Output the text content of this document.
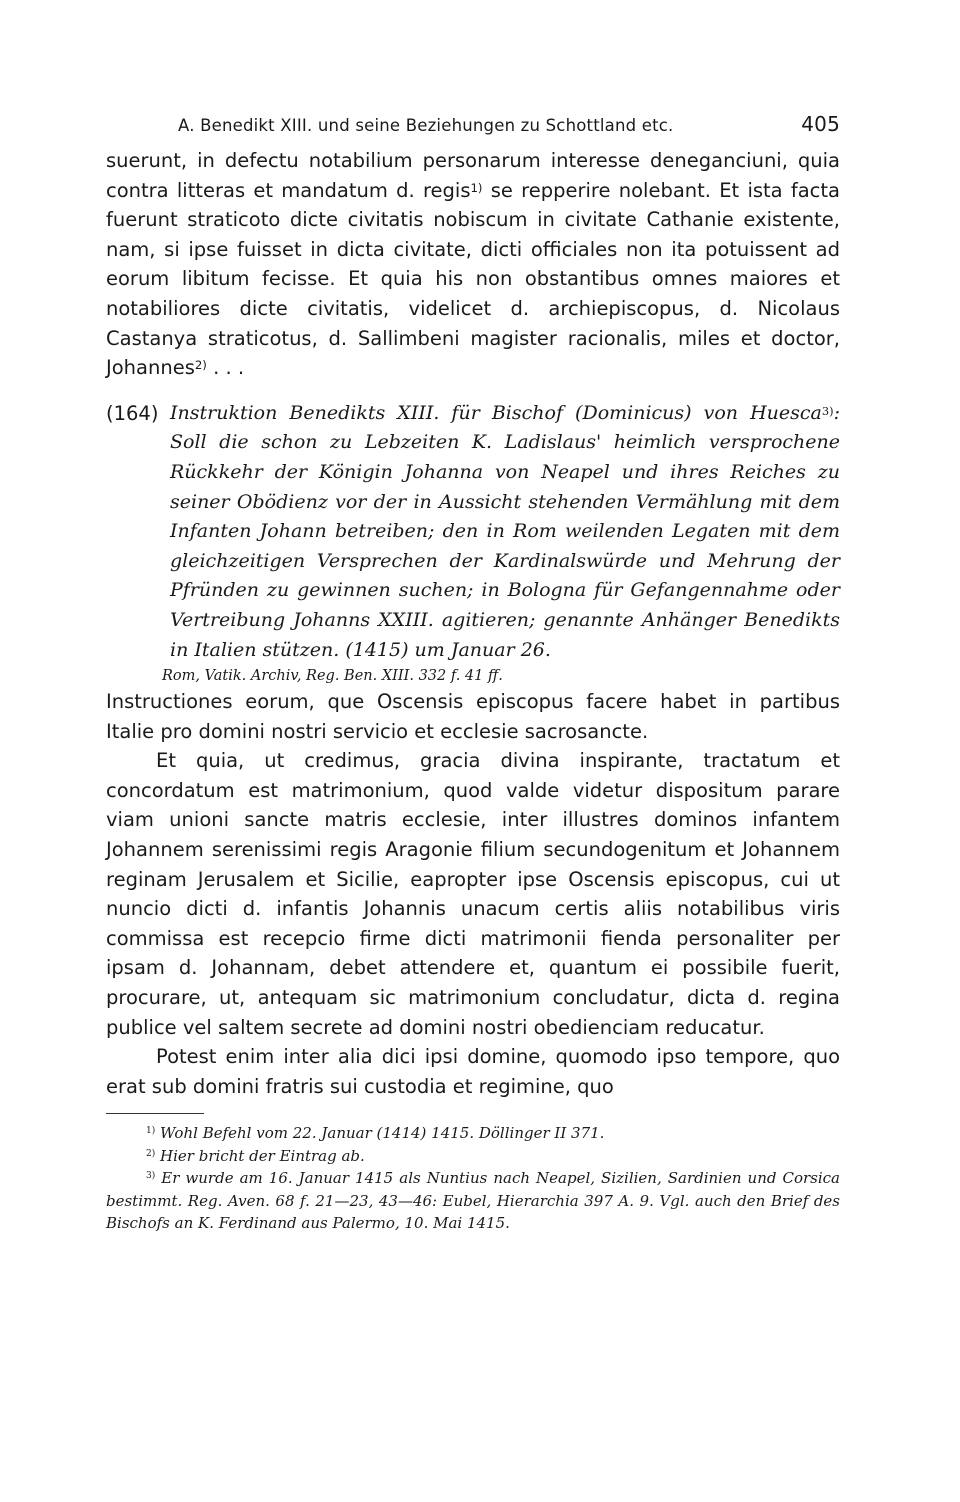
A. Benedikt XIII. und seine Beziehungen zu Schottland etc.	405
suerunt, in defectu notabilium personarum interesse deneganciuni, quia contra litteras et mandatum d. regis$^{1)}$ se repperire nolebant. Et ista facta fuerunt straticoto dicte civitatis nobiscum in civitate Cathanie existente, nam, si ipse fuisset in dicta civitate, dicti officiales non ita potuissent ad eorum libitum fecisse. Et quia his non obstantibus omnes maiores et notabiliores dicte civitatis, videlicet d. archiepiscopus, d. Nicolaus Castanya straticotus, d. Sallimbeni magister racionalis, miles et doctor, Johannes$^{2)}$ . . .
(164) Instruktion Benedikts XIII. für Bischof (Dominicus) von Huesca$^{3)}$: Soll die schon zu Lebzeiten K. Ladislaus' heimlich versprochene Rückkehr der Königin Johanna von Neapel und ihres Reiches zu seiner Obödienz vor der in Aussicht stehenden Vermählung mit dem Infanten Johann betreiben; den in Rom weilenden Legaten mit dem gleichzeitigen Versprechen der Kardinalswürde und Mehrung der Pfründen zu gewinnen suchen; in Bologna für Gefangennahme oder Vertreibung Johanns XXIII. agitieren; genannte Anhänger Benedikts in Italien stützen. (1415) um Januar 26.
Rom, Vatik. Archiv, Reg. Ben. XIII. 332 f. 41 ff.

Instructiones eorum, que Oscensis episcopus facere habet in partibus Italie pro domini nostri servicio et ecclesie sacrosancte.

Et quia, ut credimus, gracia divina inspirante, tractatum et concordatum est matrimonium, quod valde videtur dispositum parare viam unioni sancte matris ecclesie, inter illustres dominos infantem Johannem serenissimi regis Aragonie filium secundogenitum et Johannem reginam Jerusalem et Sicilie, eapropter ipse Oscensis episcopus, cui ut nuncio dicti d. infantis Johannis unacum certis aliis notabilibus viris commissa est recepcio firme dicti matrimonii fienda personaliter per ipsam d. Johannam, debet attendere et, quantum ei possibile fuerit, procurare, ut, antequam sic matrimonium concludatur, dicta d. regina publice vel saltem secrete ad domini nostri obedienciam reducatur.

Potest enim inter alia dici ipsi domine, quomodo ipso tempore, quo erat sub domini fratris sui custodia et regimine, quo

$^{1)}$ Wohl Befehl vom 22. Januar (1414) 1415. Döllinger II 371.

$^{2)}$ Hier bricht der Eintrag ab.

$^{3)}$ Er wurde am 16. Januar 1415 als Nuntius nach Neapel, Sizilien, Sardinien und Corsica bestimmt. Reg. Aven. 68 f. 21—23, 43—46: Eubel, Hierarchia 397 A. 9. Vgl. auch den Brief des Bischofs an K. Ferdinand aus Palermo, 10. Mai 1415.
